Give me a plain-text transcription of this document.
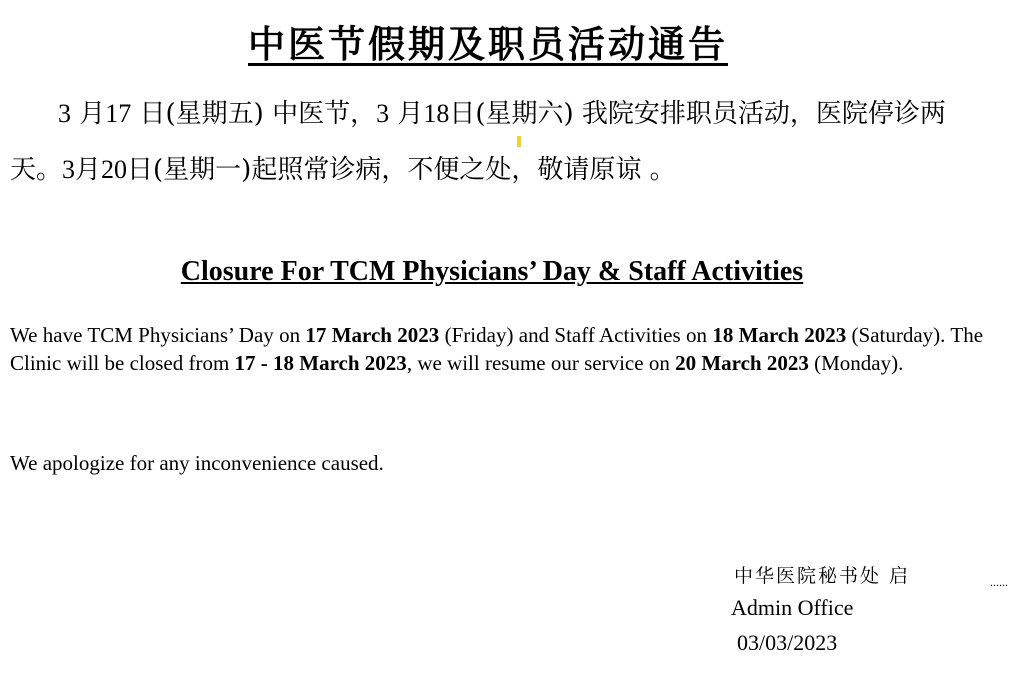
中医节假期及职员活动通告

3 月17 日(星期五) 中医节，3 月18日(星期六) 我院安排职员活动，医院停诊两天。3月20日(星期一)起照常诊病，不便之处，敬请原谅 。

Closure For TCM Physicians’ Day & Staff Activities

We have TCM Physicians’ Day on 17 March 2023 (Friday) and Staff Activities on 18 March 2023 (Saturday). The Clinic will be closed from 17 - 18 March 2023, we will resume our service on 20 March 2023 (Monday).

We apologize for any inconvenience caused.

中华医院秘书处 启	......
Admin Office
03/03/2023
